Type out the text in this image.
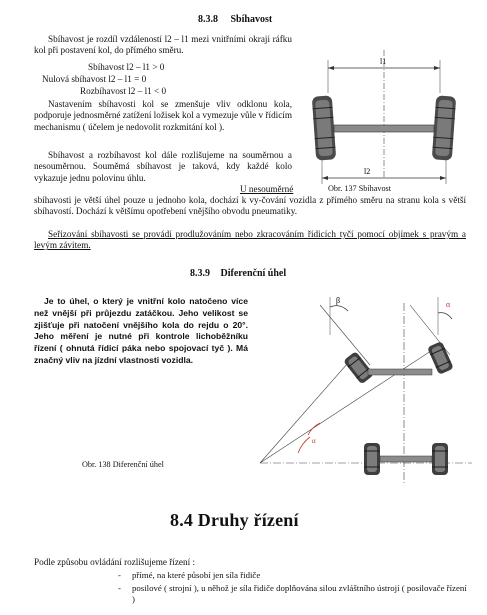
8.3.8 Sbíhavost
Sbíhavost je rozdíl vzdáleností l2 – l1 mezi vnitřními okraji ráfku kol při postavení kol, do přímého směru.
Sbíhavost l2 – l1 > 0
Nulová sbíhavost l2 – l1 = 0
Rozbíhavost l2 – l1 < 0
Nastavením sbíhavosti kol se zmenšuje vliv odklonu kola, podporuje jednosměrné zatížení ložisek kol a vymezuje vůle v řídicím mechanismu ( účelem je nedovolit rozkmitání kol ).
Sbíhavost a rozbíhavost kol dále rozlišujeme na souměrnou a nesouměrnou. Souměmá sbíhavost je taková, kdy každé kolo vykazuje jednu polovinu úhlu.
U nesouměrné
sbíhavosti je větší úhel pouze u jednoho kola, dochází k vy-čování vozidla z přímého směru na stranu kola s větší sbíhavostí. Dochází k většímu opotřebení vnějšího obvodu pneumatiky.
Seřizování sbíhavosti se provádí prodlužováním nebo zkracováním řídicích tyčí pomocí objímek s pravým a levým závitem.
Obr. 137 Sbíhavost
l1
l2
8.3.9 Diferenční úhel
Je to úhel, o který je vnitřní kolo natočeno více než vnější při průjezdu zatáčkou. Jeho velikost se zjišťuje při natočení vnějšího kola do rejdu o 20°. Jeho měření je nutné při kontrole lichoběžníku řízení ( ohnutá řídicí páka nebo spojovací tyč ). Má značný vliv na jízdní vlastnosti vozidla.
Obr. 138 Diferenční úhel
β	α
α
8.4 Druhy řízení
Podle způsobu ovládání rozlišujeme řízení :
- přímé, na které působí jen síla řidiče
- posilové ( strojní ), u něhož je síla řidiče doplňována silou zvláštního ústrojí ( posilovače řízení )
